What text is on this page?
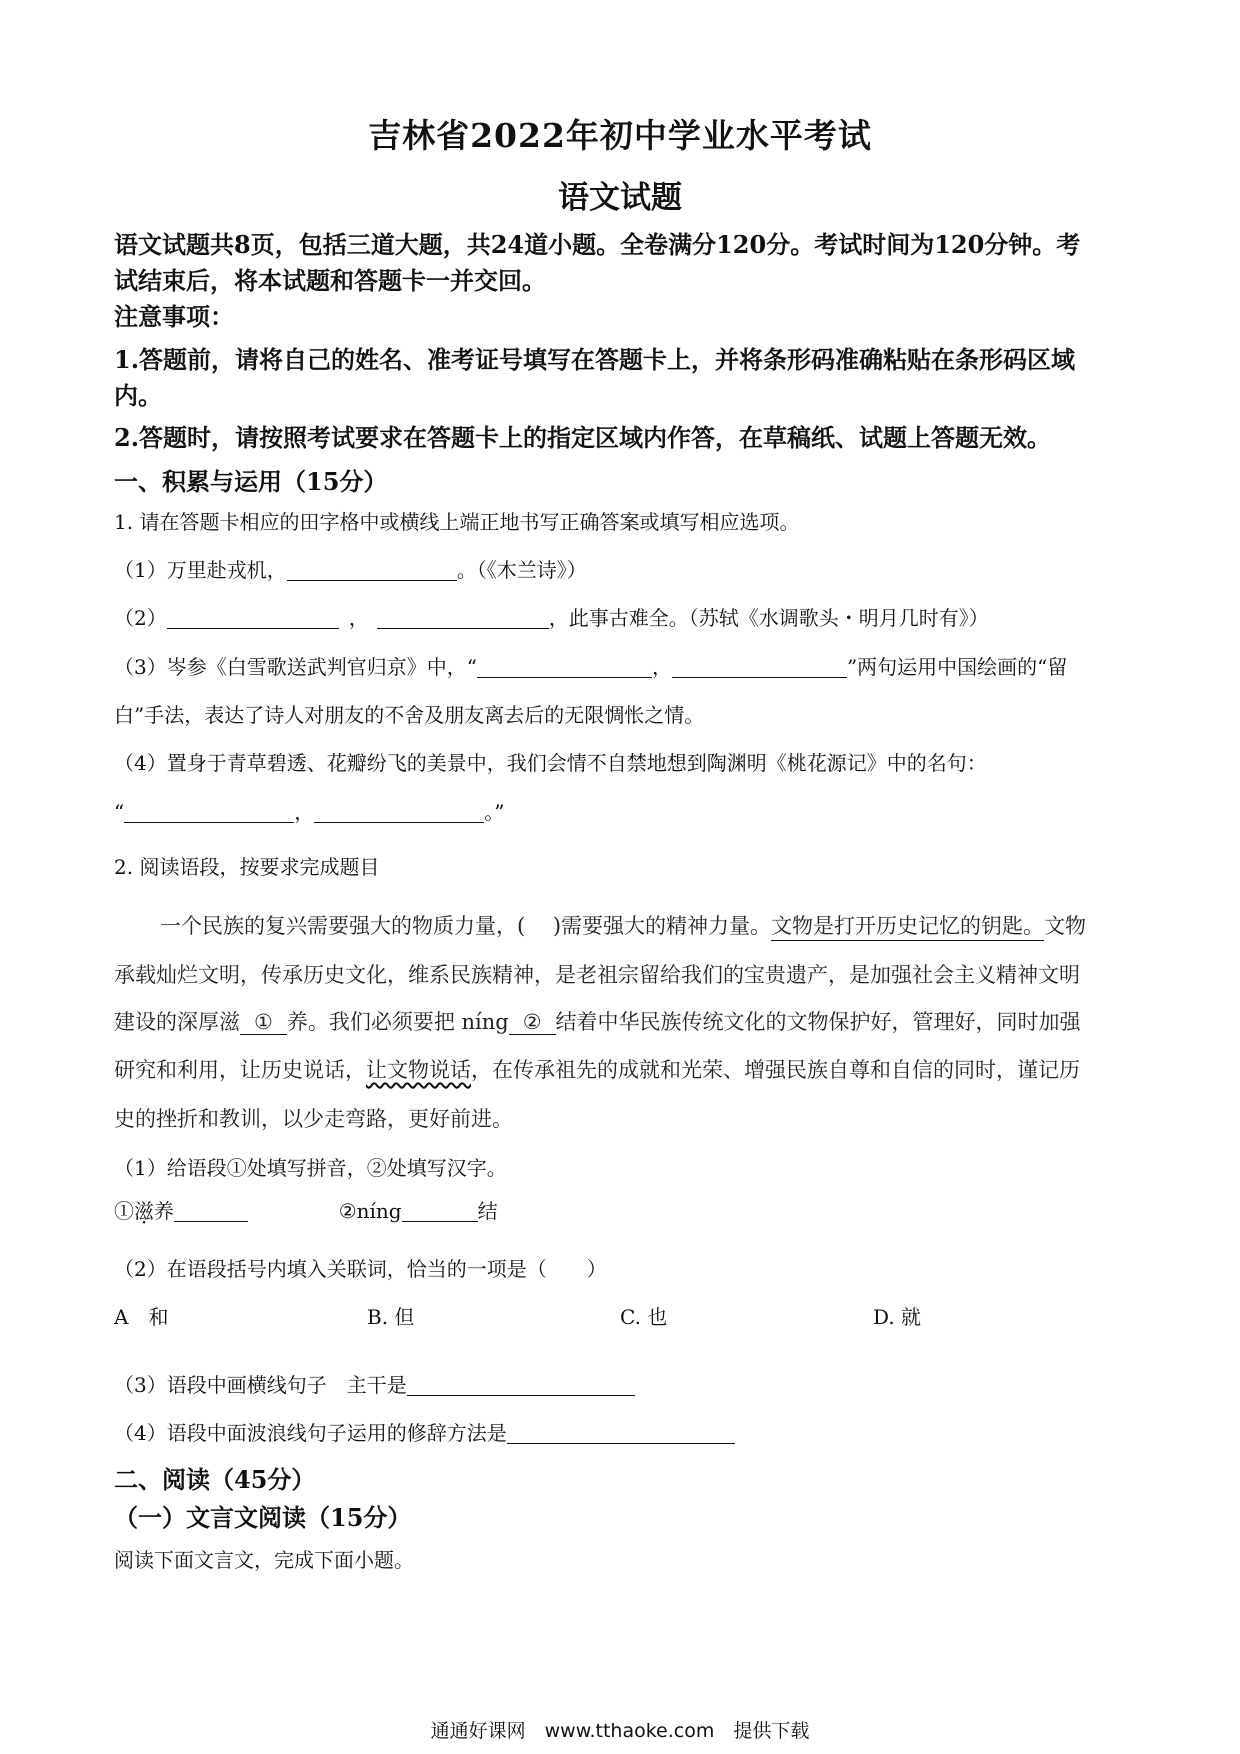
吉林省2022年初中学业水平考试
语文试题
语文试题共8页，包括三道大题，共24道小题。全卷满分120分。考试时间为120分钟。考
试结束后，将本试题和答题卡一并交回。
注意事项：
1.答题前，请将自己的姓名、准考证号填写在答题卡上，并将条形码准确粘贴在条形码区域
内。
2.答题时，请按照考试要求在答题卡上的指定区域内作答，在草稿纸、试题上答题无效。
一、积累与运用（15分）
1. 请在答题卡相应的田字格中或横线上端正地书写正确答案或填写相应选项。
（1）万里赴戎机，	。（《木兰诗》）
（2）	，	，此事古难全。（苏轼《水调歌头・明月几时有》）
（3）岑参《白雪歌送武判官归京》中，“	，	”两句运用中国绘画的“留
白”手法，表达了诗人对朋友的不舍及朋友离去后的无限惆怅之情。
（4）置身于青草碧透、花瓣纷飞的美景中，我们会情不自禁地想到陶渊明《桃花源记》中的名句：
“	，	。”
2. 阅读语段，按要求完成题目
一个民族的复兴需要强大的物质力量，(　 )需要强大的精神力量。文物是打开历史记忆的钥匙。文物
承载灿烂文明，传承历史文化，维系民族精神，是老祖宗留给我们的宝贵遗产，是加强社会主义精神文明
建设的深厚滋 ① 养。我们必须要把 níng ② 结着中华民族传统文化的文物保护好，管理好，同时加强
研究和利用，让历史说话，让文物说话，在传承祖先的成就和光荣、增强民族自尊和自信的同时，谨记历
史的挫折和教训，以少走弯路，更好前进。
（1）给语段①处填写拼音，②处填写汉字。
①滋养	②níng	结
（2）在语段括号内填入关联词，恰当的一项是（　　）
A　和	B. 但	C. 也	D. 就
（3）语段中画横线句子　主干是
（4）语段中面波浪线句子运用的修辞方法是
二、阅读（45分）
（一）文言文阅读（15分）
阅读下面文言文，完成下面小题。
通通好课网　www.tthaoke.com　提供下载
